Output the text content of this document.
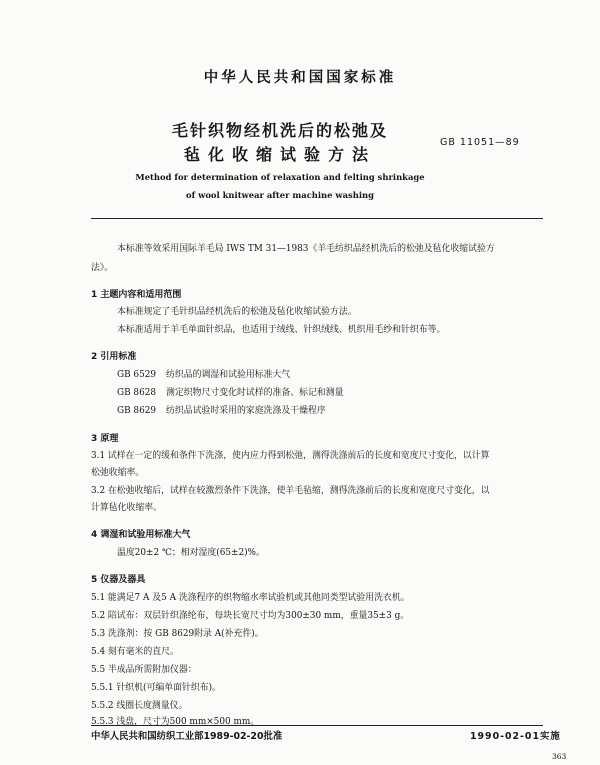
中华人民共和国国家标准
毛针织物经机洗后的松弛及
毡化收缩试验方法
GB 11051—89
Method for determination of relaxation and felting shrinkage
of wool knitwear after machine washing
本标准等效采用国际羊毛局 IWS TM 31—1983《羊毛纺织品经机洗后的松弛及毡化收缩试验方
法》。
1 主题内容和适用范围
本标准规定了毛针织品经机洗后的松弛及毡化收缩试验方法。
本标准适用于羊毛单面针织品，也适用于绒线、针织绒线、机织用毛纱和针织布等。
2 引用标准
GB 6529 纺织品的调湿和试验用标准大气
GB 8628 测定织物尺寸变化时试样的准备、标记和测量
GB 8629 纺织品试验时采用的家庭洗涤及干燥程序
3 原理
3.1 试样在一定的缓和条件下洗涤，使内应力得到松弛，测得洗涤前后的长度和宽度尺寸变化，以计算
松弛收缩率。
3.2 在松弛收缩后，试样在较激烈条件下洗涤，使羊毛毡缩，测得洗涤前后的长度和宽度尺寸变化，以
计算毡化收缩率。
4 调湿和试验用标准大气
温度20±2 ℃；相对湿度(65±2)%。
5 仪器及器具
5.1 能满足7 A 及5 A 洗涤程序的织物缩水率试验机或其他同类型试验用洗衣机。
5.2 陪试布：双层针织涤纶布，每块长宽尺寸均为300±30 mm，重量35±3 g。
5.3 洗涤剂：按 GB 8629附录 A(补充件)。
5.4 刻有毫米的直尺。
5.5 半成品所需附加仪器：
5.5.1 针织机(可编单面针织布)。
5.5.2 线圈长度测量仪。
5.5.3 浅盘，尺寸为500 mm×500 mm。
中华人民共和国纺织工业部1989-02-20批准	1990-02-01实施
363
